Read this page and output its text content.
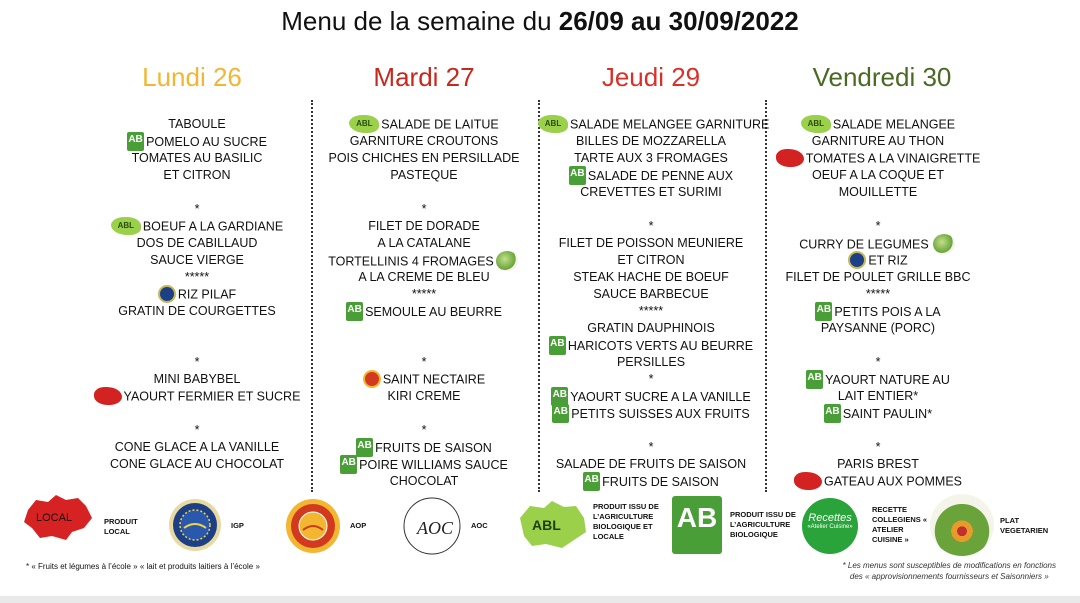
Menu de la semaine du 26/09 au 30/09/2022
Lundi 26	Mardi 27	Jeudi 29	Vendredi 30
TABOULE
AB POMELO AU SUCRE
TOMATES AU BASILIC
ET CITRON
*
ABL BOEUF A LA GARDIANE
DOS DE CABILLAUD
SAUCE VIERGE
*****
RIZ PILAF
GRATIN DE COURGETTES
*
MINI BABYBEL
YAOURT FERMIER ET SUCRE
*
CONE GLACE A LA VANILLE
CONE GLACE AU CHOCOLAT
ABL SALADE DE LAITUE
GARNITURE CROUTONS
POIS CHICHES EN PERSILLADE
PASTEQUE
*
FILET DE DORADE
A LA CATALANE
TORTELLINIS 4 FROMAGES
A LA CREME DE BLEU
*****
AB SEMOULE AU BEURRE
*
SAINT NECTAIRE
KIRI CREME
*
AB FRUITS DE SAISON
AB POIRE WILLIAMS SAUCE
CHOCOLAT
ABL SALADE MELANGEE GARNITURE
BILLES DE MOZZARELLA
TARTE AUX 3 FROMAGES
AB SALADE DE PENNE AUX
CREVETTES ET SURIMI
*
FILET DE POISSON MEUNIERE
ET CITRON
STEAK HACHE DE BOEUF
SAUCE BARBECUE
*****
GRATIN DAUPHINOIS
AB HARICOTS VERTS AU BEURRE
PERSILLES
*
AB YAOURT SUCRE A LA VANILLE
AB PETITS SUISSES AUX FRUITS
*
SALADE DE FRUITS DE SAISON
AB FRUITS DE SAISON
ABL SALADE MELANGEE
GARNITURE AU THON
TOMATES A LA VINAIGRETTE
OEUF A LA COQUE ET
MOUILLETTE
*
CURRY DE LEGUMES
ET RIZ
FILET DE POULET GRILLE BBC
*****
AB PETITS POIS A LA
PAYSANNE (PORC)
*
AB YAOURT NATURE AU
LAIT ENTIER*
AB SAINT PAULIN*
*
PARIS BREST
GATEAU AUX POMMES
LOCAL	PRODUIT
LOCAL
IGP	AOP	AOC AOC	ABL
PRODUIT ISSU DE
L’AGRICULTURE
BIOLOGIQUE ET
LOCALE
AB	PRODUIT ISSU DE
L’AGRICULTURE
BIOLOGIQUE
Recettes
«Atelier Cuisine»
RECETTE
COLLEGIENS «
ATELIER
CUISINE »
PLAT
VEGETARIEN
* « Fruits et légumes à l’école » « lait et produits laitiers à l’école »	* Les menus sont susceptibles de modifications en fonctions
des « approvisionnements fournisseurs et Saisonniers »
